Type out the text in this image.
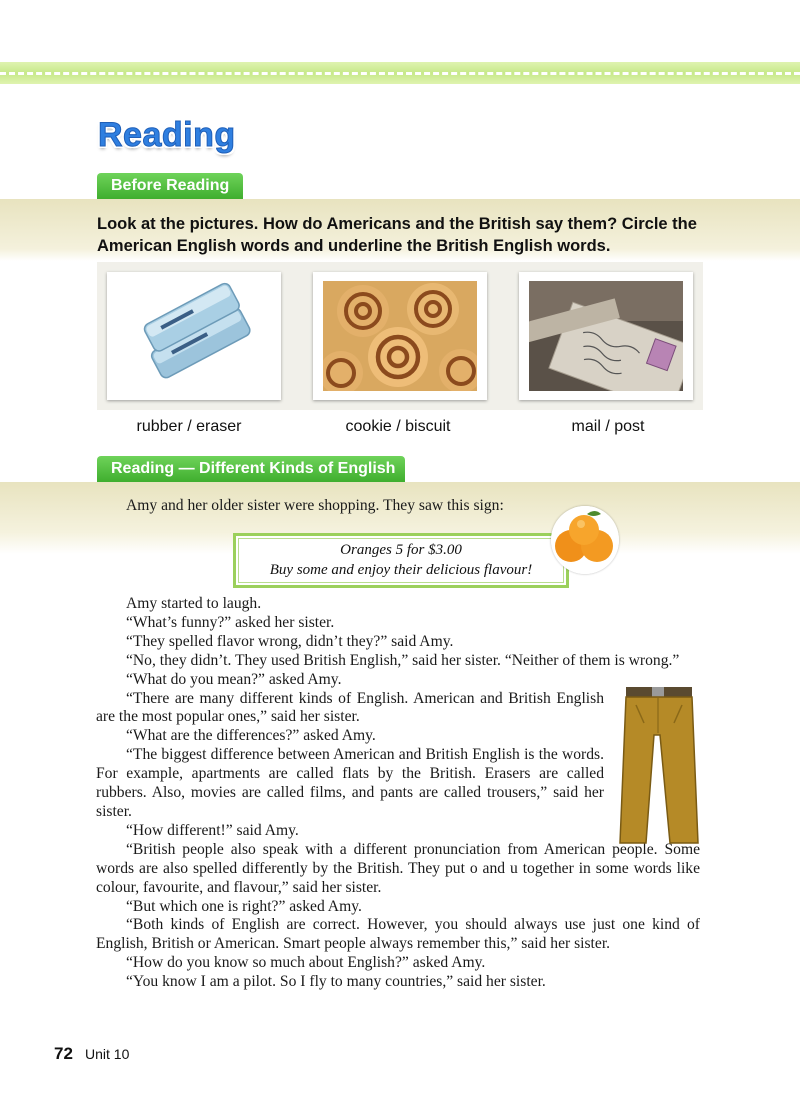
Reading
Before Reading
Look at the pictures. How do Americans and the British say them? Circle the American English words and underline the British English words.
rubber / eraser	cookie / biscuit	mail / post
Reading — Different Kinds of English
Amy and her older sister were shopping. They saw this sign:
Oranges 5 for $3.00
Buy some and enjoy their delicious flavour!

Amy started to laugh.

“What’s funny?” asked her sister.

“They spelled flavor wrong, didn’t they?” said Amy.

“No, they didn’t. They used British English,” said her sister. “Neither of them is wrong.”

“What do you mean?” asked Amy.

“There are many different kinds of English. American and British English are the most popular ones,” said her sister.

“What are the differences?” asked Amy.

“The biggest difference between American and British English is the words. For example, apartments are called flats by the British. Erasers are called rubbers. Also, movies are called films, and pants are called trousers,” said her sister.

“How different!” said Amy.

“British people also speak with a different pronunciation from American people. Some words are also spelled differently by the British. They put o and u together in some words like colour, favourite, and flavour,” said her sister.

“But which one is right?” asked Amy.

“Both kinds of English are correct. However, you should always use just one kind of English, British or American. Smart people always remember this,” said her sister.

“How do you know so much about English?” asked Amy.

“You know I am a pilot. So I fly to many countries,” said her sister.

72 Unit 10
